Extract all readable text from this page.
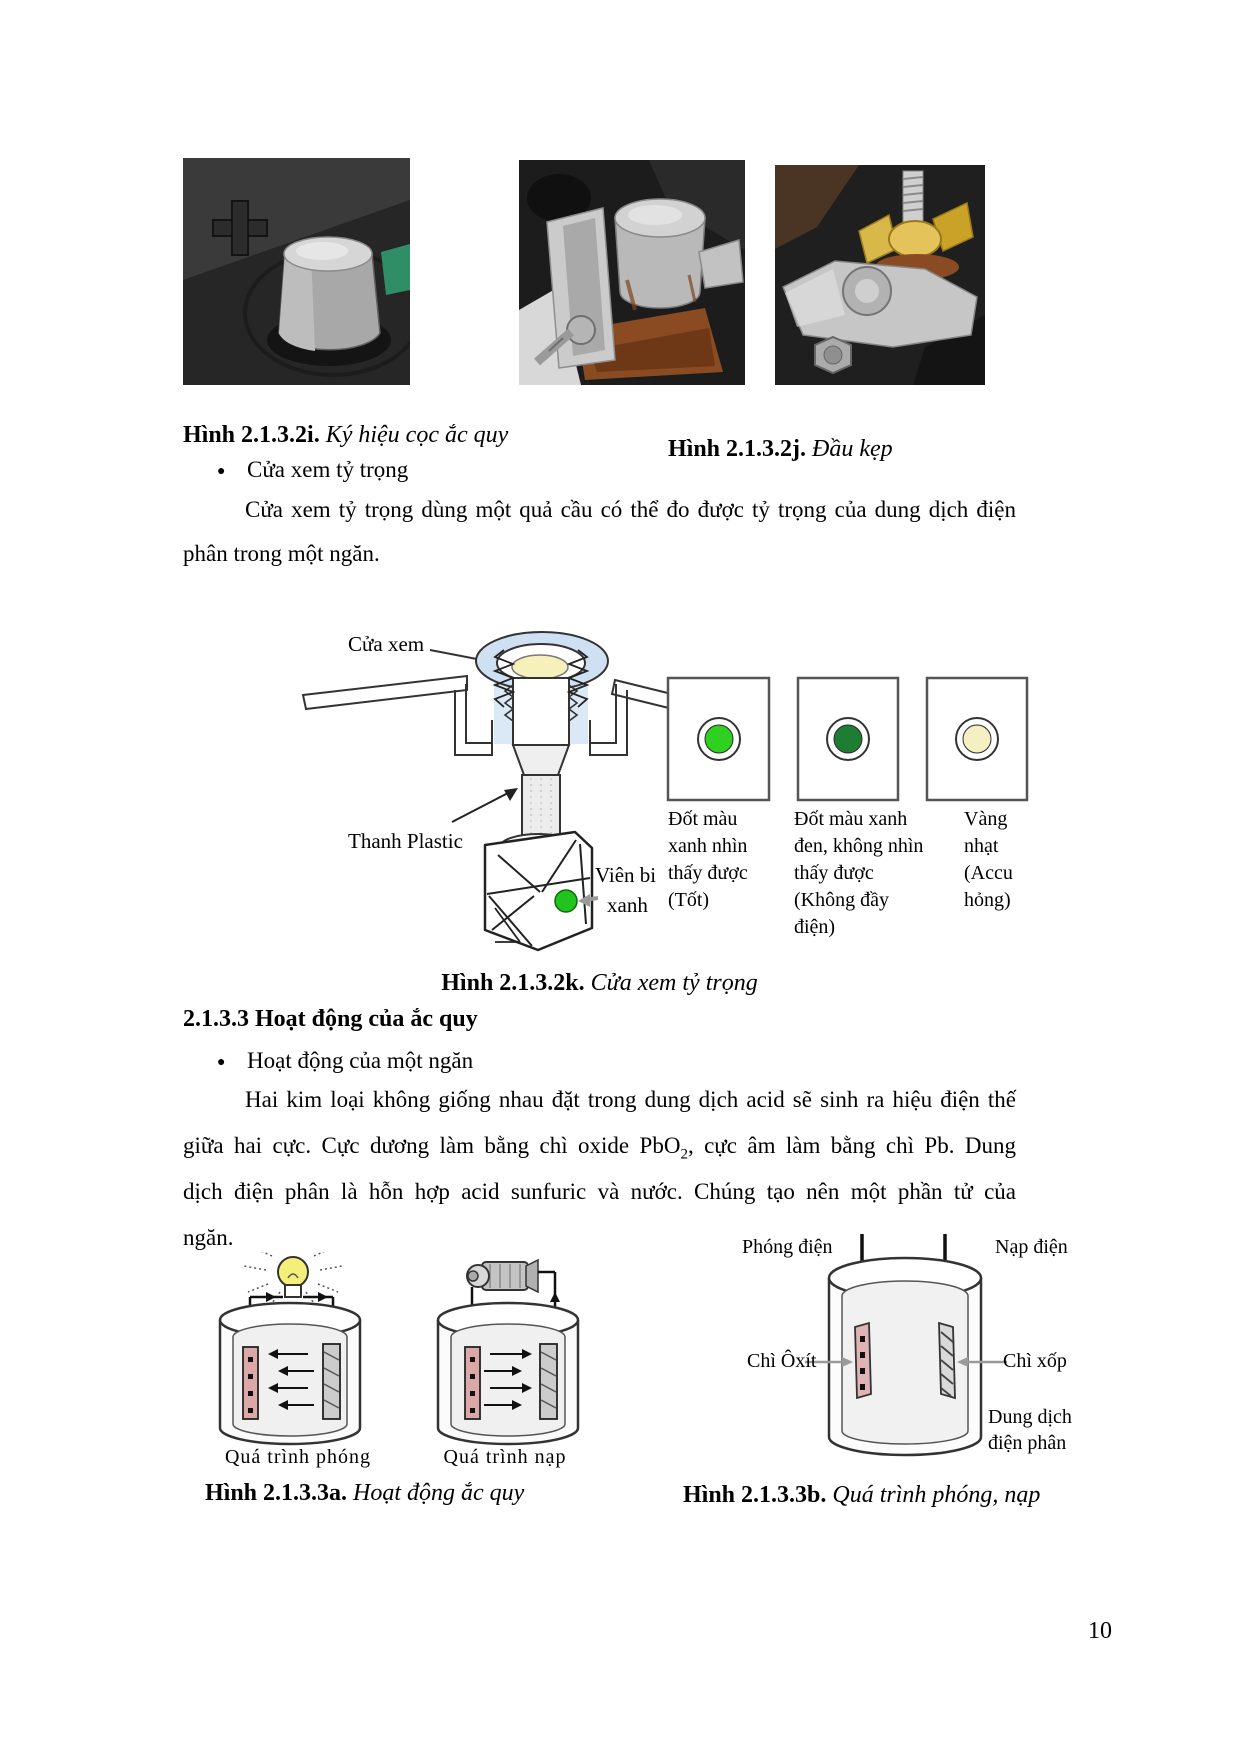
Hình 2.1.3.2i. Ký hiệu cọc ắc quy
Hình 2.1.3.2j. Đầu kẹp
● Cửa xem tỷ trọng
Cửa xem tỷ trọng dùng một quả cầu có thể đo được tỷ trọng của dung dịch điện
phân trong một ngăn.
Cửa xem
Thanh Plastic
Viên bi
xanh
Đốt màu xanh nhìn thấy được (Tốt)
Đốt màu xanh đen, không nhìn thấy được (Không đầy điện)
Vàng nhạt (Accu hỏng)
Hình 2.1.3.2k. Cửa xem tỷ trọng
2.1.3.3 Hoạt động của ắc quy
● Hoạt động của một ngăn
Hai kim loại không giống nhau đặt trong dung dịch acid sẽ sinh ra hiệu điện thế
giữa hai cực. Cực dương làm bằng chì oxide PbO$_2$, cực âm làm bằng chì Pb. Dung
dịch điện phân là hỗn hợp acid sunfuric và nước. Chúng tạo nên một phần tử của
ngăn.
Quá trình phóng	Quá trình nạp
Hình 2.1.3.3a. Hoạt động ắc quy
Phóng điện	Nạp điện
Chì Ôxít	Chì xốp
Dung dịch
điện phân
Hình 2.1.3.3b. Quá trình phóng, nạp
10
